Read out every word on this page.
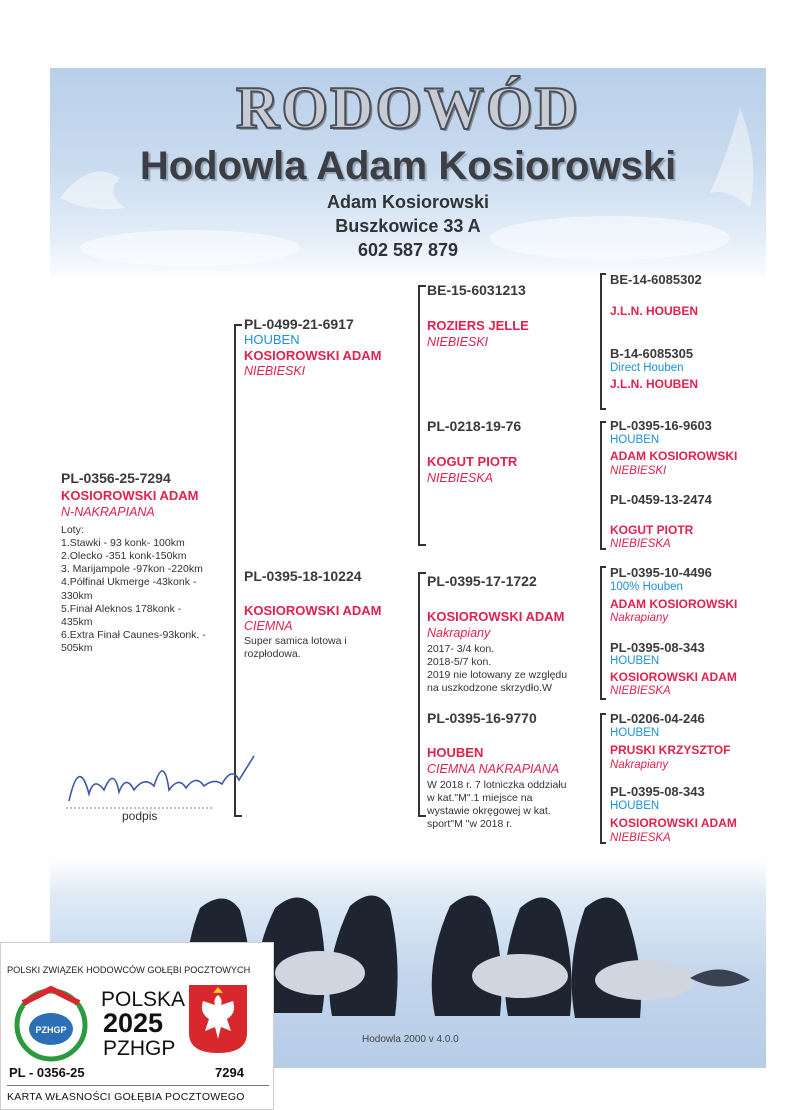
RODOWÓD
Hodowla Adam Kosiorowski
Adam Kosiorowski
Buszkowice 33 A
602 587 879
PL-0356-25-7294
KOSIOROWSKI ADAM
N-NAKRAPIANA
Loty:
1.Stawki - 93 konk- 100km
2.Olecko -351 konk-150km
3. Marijampole -97kon -220km
4.Półfinał Ukmerge -43konk -
330km
5.Finał Aleknos 178konk -
435km
6.Extra Finał Caunes-93konk. -
505km
PL-0499-21-6917
HOUBEN
KOSIOROWSKI ADAM
NIEBIESKI
PL-0395-18-10224
KOSIOROWSKI ADAM
CIEMNA
Super samica lotowa i rozpłodowa.
BE-15-6031213
ROZIERS JELLE
NIEBIESKI
PL-0218-19-76
KOGUT PIOTR
NIEBIESKA
PL-0395-17-1722
KOSIOROWSKI ADAM
Nakrapiany
2017- 3/4 kon.
2018-5/7 kon.
2019 nie lotowany ze względu
na uszkodzone skrzydło.W
PL-0395-16-9770
HOUBEN
CIEMNA NAKRAPIANA
W 2018 r. 7 lotniczka oddziału
w kat."M".1 miejsce na
wystawie okręgowej w kat.
sport"M "w 2018 r.
BE-14-6085302
J.L.N. HOUBEN
B-14-6085305
Direct Houben
J.L.N. HOUBEN
PL-0395-16-9603
HOUBEN
ADAM KOSIOROWSKI
NIEBIESKI
PL-0459-13-2474
KOGUT PIOTR
NIEBIESKA
PL-0395-10-4496
100% Houben
ADAM KOSIOROWSKI
Nakrapiany
PL-0395-08-343
HOUBEN
KOSIOROWSKI ADAM
NIEBIESKA
PL-0206-04-246
HOUBEN
PRUSKI KRZYSZTOF
Nakrapiany
PL-0395-08-343
HOUBEN
KOSIOROWSKI ADAM
NIEBIESKA
podpis
Hodowla 2000 v 4.0.0
POLSKI ZWIĄZEK HODOWCÓW GOŁĘBI POCZTOWYCH
PZHGP
POLSKA
2025
PZHGP
PL - 0356-25	7294
KARTA WŁASNOŚCI GOŁĘBIA POCZTOWEGO
